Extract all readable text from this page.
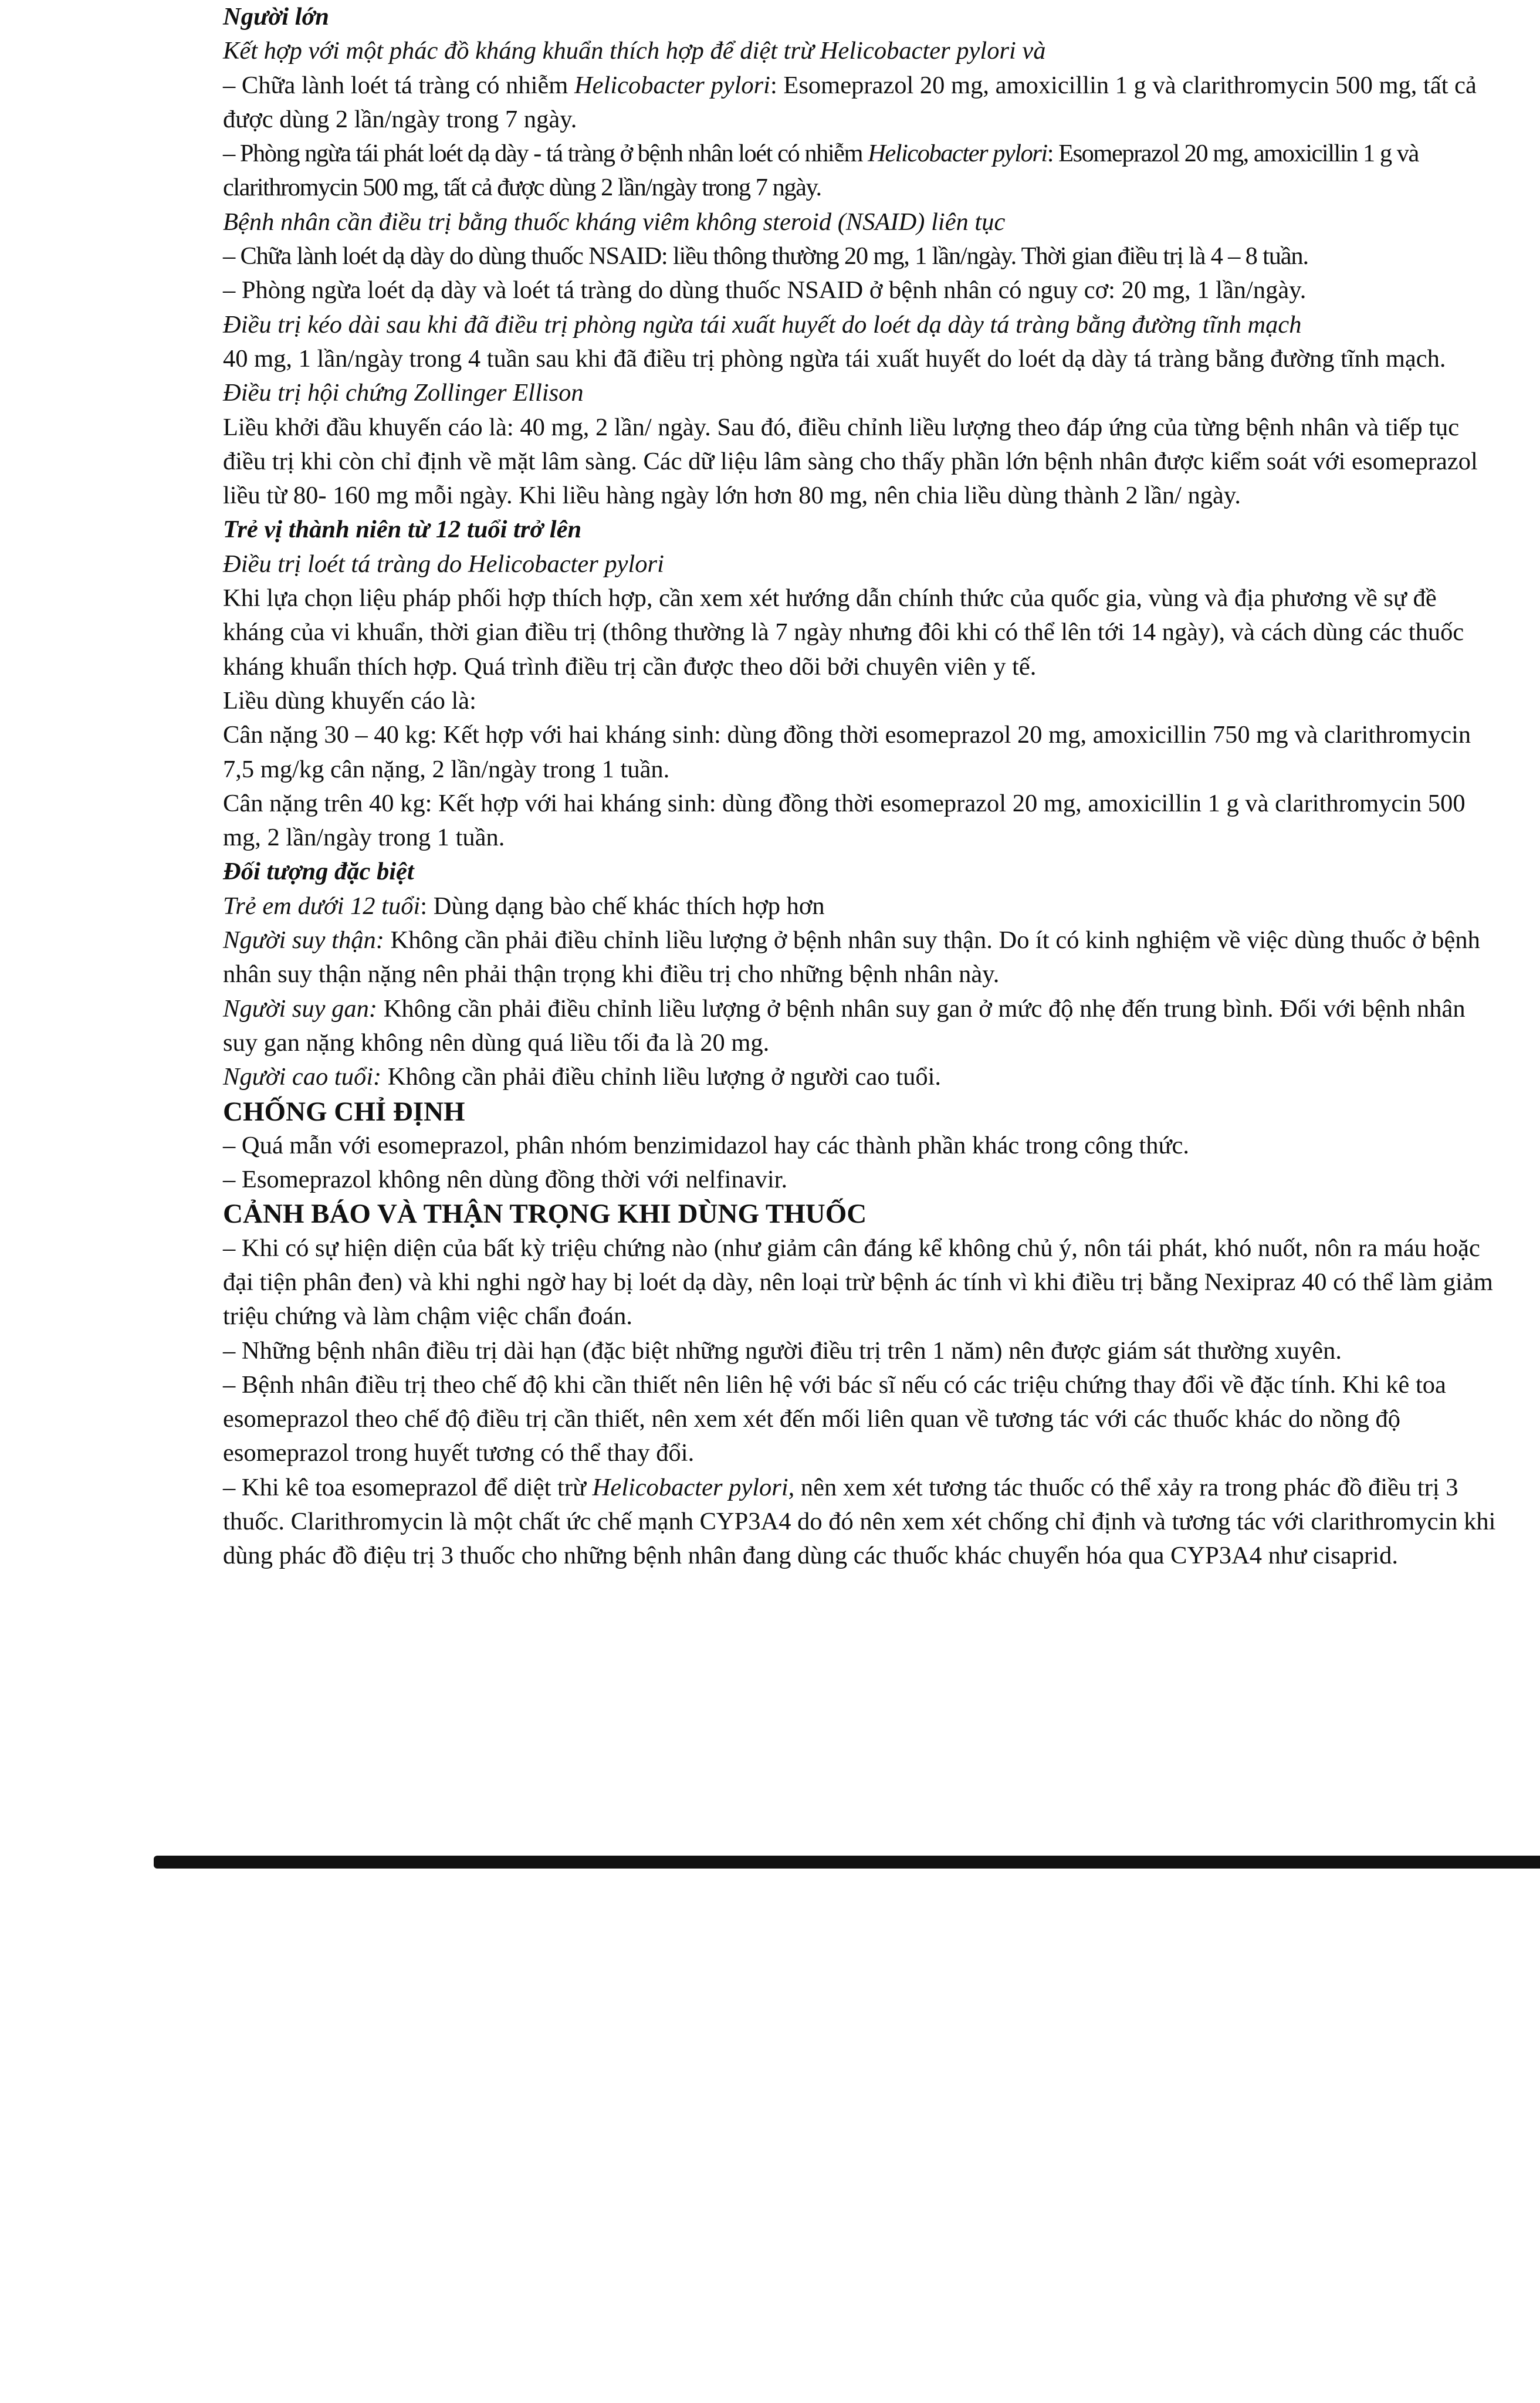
Người lớn

Kết hợp với một phác đồ kháng khuẩn thích hợp để diệt trừ Helicobacter pylori và

– Chữa lành loét tá tràng có nhiễm Helicobacter pylori: Esomeprazol 20 mg, amoxicillin 1 g và clarithromycin 500 mg, tất cả được dùng 2 lần/ngày trong 7 ngày.

– Phòng ngừa tái phát loét dạ dày - tá tràng ở bệnh nhân loét có nhiễm Helicobacter pylori: Esomeprazol 20 mg, amoxicillin 1 g và clarithromycin 500 mg, tất cả được dùng 2 lần/ngày trong 7 ngày.

Bệnh nhân cần điều trị bằng thuốc kháng viêm không steroid (NSAID) liên tục

– Chữa lành loét dạ dày do dùng thuốc NSAID: liều thông thường 20 mg, 1 lần/ngày. Thời gian điều trị là 4 – 8 tuần.

– Phòng ngừa loét dạ dày và loét tá tràng do dùng thuốc NSAID ở bệnh nhân có nguy cơ: 20 mg, 1 lần/ngày.

Điều trị kéo dài sau khi đã điều trị phòng ngừa tái xuất huyết do loét dạ dày tá tràng bằng đường tĩnh mạch

40 mg, 1 lần/ngày trong 4 tuần sau khi đã điều trị phòng ngừa tái xuất huyết do loét dạ dày tá tràng bằng đường tĩnh mạch.

Điều trị hội chứng Zollinger Ellison

Liều khởi đầu khuyến cáo là: 40 mg, 2 lần/ ngày. Sau đó, điều chỉnh liều lượng theo đáp ứng của từng bệnh nhân và tiếp tục điều trị khi còn chỉ định về mặt lâm sàng. Các dữ liệu lâm sàng cho thấy phần lớn bệnh nhân được kiểm soát với esomeprazol liều từ 80- 160 mg mỗi ngày. Khi liều hàng ngày lớn hơn 80 mg, nên chia liều dùng thành 2 lần/ ngày.

Trẻ vị thành niên từ 12 tuổi trở lên

Điều trị loét tá tràng do Helicobacter pylori

Khi lựa chọn liệu pháp phối hợp thích hợp, cần xem xét hướng dẫn chính thức của quốc gia, vùng và địa phương về sự đề kháng của vi khuẩn, thời gian điều trị (thông thường là 7 ngày nhưng đôi khi có thể lên tới 14 ngày), và cách dùng các thuốc kháng khuẩn thích hợp. Quá trình điều trị cần được theo dõi bởi chuyên viên y tế.

Liều dùng khuyến cáo là:

Cân nặng 30 – 40 kg: Kết hợp với hai kháng sinh: dùng đồng thời esomeprazol 20 mg, amoxicillin 750 mg và clarithromycin 7,5 mg/kg cân nặng, 2 lần/ngày trong 1 tuần.

Cân nặng trên 40 kg: Kết hợp với hai kháng sinh: dùng đồng thời esomeprazol 20 mg, amoxicillin 1 g và clarithromycin 500 mg, 2 lần/ngày trong 1 tuần.

Đối tượng đặc biệt

Trẻ em dưới 12 tuổi: Dùng dạng bào chế khác thích hợp hơn

Người suy thận: Không cần phải điều chỉnh liều lượng ở bệnh nhân suy thận. Do ít có kinh nghiệm về việc dùng thuốc ở bệnh nhân suy thận nặng nên phải thận trọng khi điều trị cho những bệnh nhân này.

Người suy gan: Không cần phải điều chỉnh liều lượng ở bệnh nhân suy gan ở mức độ nhẹ đến trung bình. Đối với bệnh nhân suy gan nặng không nên dùng quá liều tối đa là 20 mg.

Người cao tuổi: Không cần phải điều chỉnh liều lượng ở người cao tuổi.

CHỐNG CHỈ ĐỊNH

– Quá mẫn với esomeprazol, phân nhóm benzimidazol hay các thành phần khác trong công thức.

– Esomeprazol không nên dùng đồng thời với nelfinavir.

CẢNH BÁO VÀ THẬN TRỌNG KHI DÙNG THUỐC

– Khi có sự hiện diện của bất kỳ triệu chứng nào (như giảm cân đáng kể không chủ ý, nôn tái phát, khó nuốt, nôn ra máu hoặc đại tiện phân đen) và khi nghi ngờ hay bị loét dạ dày, nên loại trừ bệnh ác tính vì khi điều trị bằng Nexipraz 40 có thể làm giảm triệu chứng và làm chậm việc chẩn đoán.

– Những bệnh nhân điều trị dài hạn (đặc biệt những người điều trị trên 1 năm) nên được giám sát thường xuyên.

– Bệnh nhân điều trị theo chế độ khi cần thiết nên liên hệ với bác sĩ nếu có các triệu chứng thay đổi về đặc tính. Khi kê toa esomeprazol theo chế độ điều trị cần thiết, nên xem xét đến mối liên quan về tương tác với các thuốc khác do nồng độ esomeprazol trong huyết tương có thể thay đổi.

– Khi kê toa esomeprazol để diệt trừ Helicobacter pylori, nên xem xét tương tác thuốc có thể xảy ra trong phác đồ điều trị 3 thuốc. Clarithromycin là một chất ức chế mạnh CYP3A4 do đó nên xem xét chống chỉ định và tương tác với clarithromycin khi dùng phác đồ điệu trị 3 thuốc cho những bệnh nhân đang dùng các thuốc khác chuyển hóa qua CYP3A4 như cisaprid.
